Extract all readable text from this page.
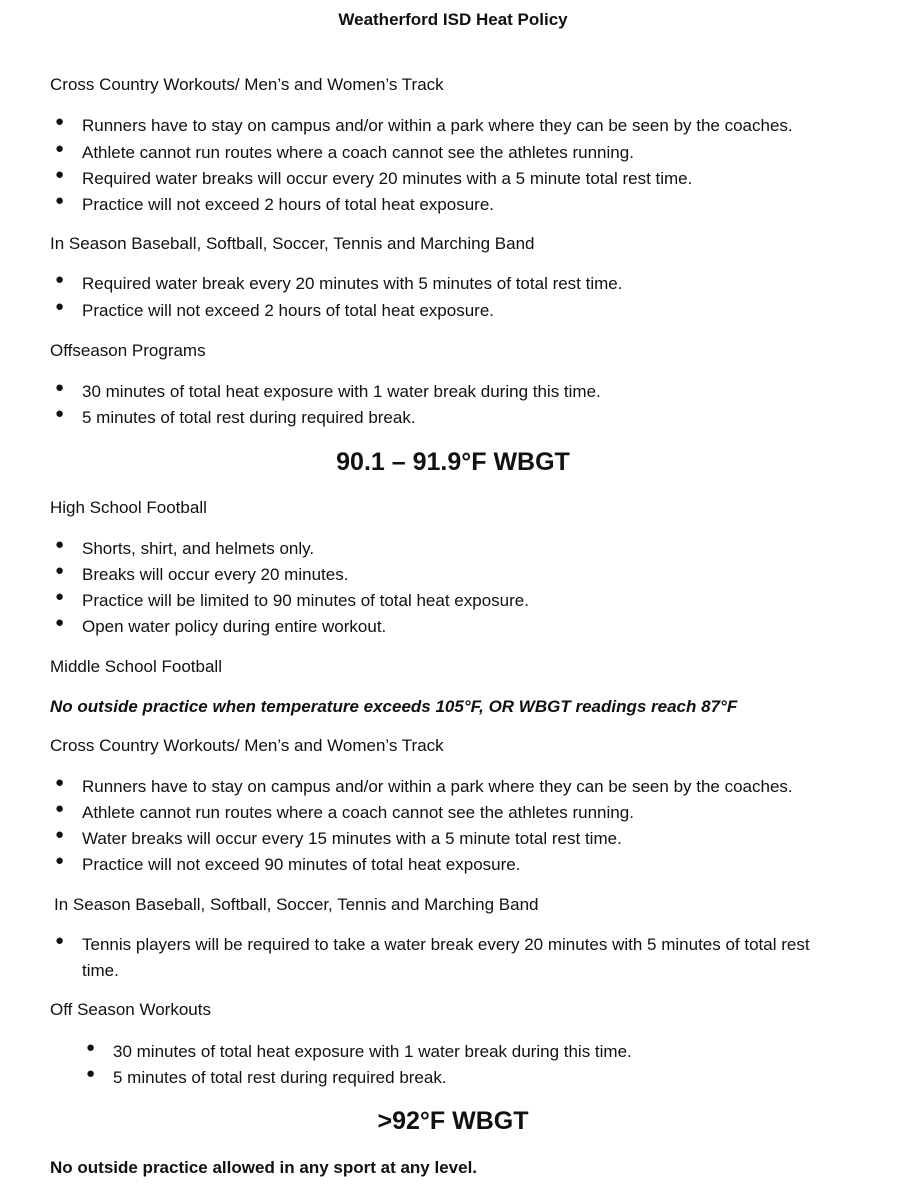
Weatherford ISD Heat Policy
Cross Country Workouts/ Men’s and Women’s Track
● Runners have to stay on campus and/or within a park where they can be seen by the coaches.
● Athlete cannot run routes where a coach cannot see the athletes running.
● Required water breaks will occur every 20 minutes with a 5 minute total rest time.
● Practice will not exceed 2 hours of total heat exposure.
In Season Baseball, Softball, Soccer, Tennis and Marching Band
● Required water break every 20 minutes with 5 minutes of total rest time.
● Practice will not exceed 2 hours of total heat exposure.
Offseason Programs
● 30 minutes of total heat exposure with 1 water break during this time.
● 5 minutes of total rest during required break.
90.1 – 91.9°F WBGT
High School Football
● Shorts, shirt, and helmets only.
● Breaks will occur every 20 minutes.
● Practice will be limited to 90 minutes of total heat exposure.
● Open water policy during entire workout.
Middle School Football
No outside practice when temperature exceeds 105°F, OR WBGT readings reach 87°F
Cross Country Workouts/ Men’s and Women’s Track
● Runners have to stay on campus and/or within a park where they can be seen by the coaches.
● Athlete cannot run routes where a coach cannot see the athletes running.
● Water breaks will occur every 15 minutes with a 5 minute total rest time.
● Practice will not exceed 90 minutes of total heat exposure.
In Season Baseball, Softball, Soccer, Tennis and Marching Band
● Tennis players will be required to take a water break every 20 minutes with 5 minutes of total rest time.
Off Season Workouts
● 30 minutes of total heat exposure with 1 water break during this time.
● 5 minutes of total rest during required break.
>92°F WBGT
No outside practice allowed in any sport at any level.
